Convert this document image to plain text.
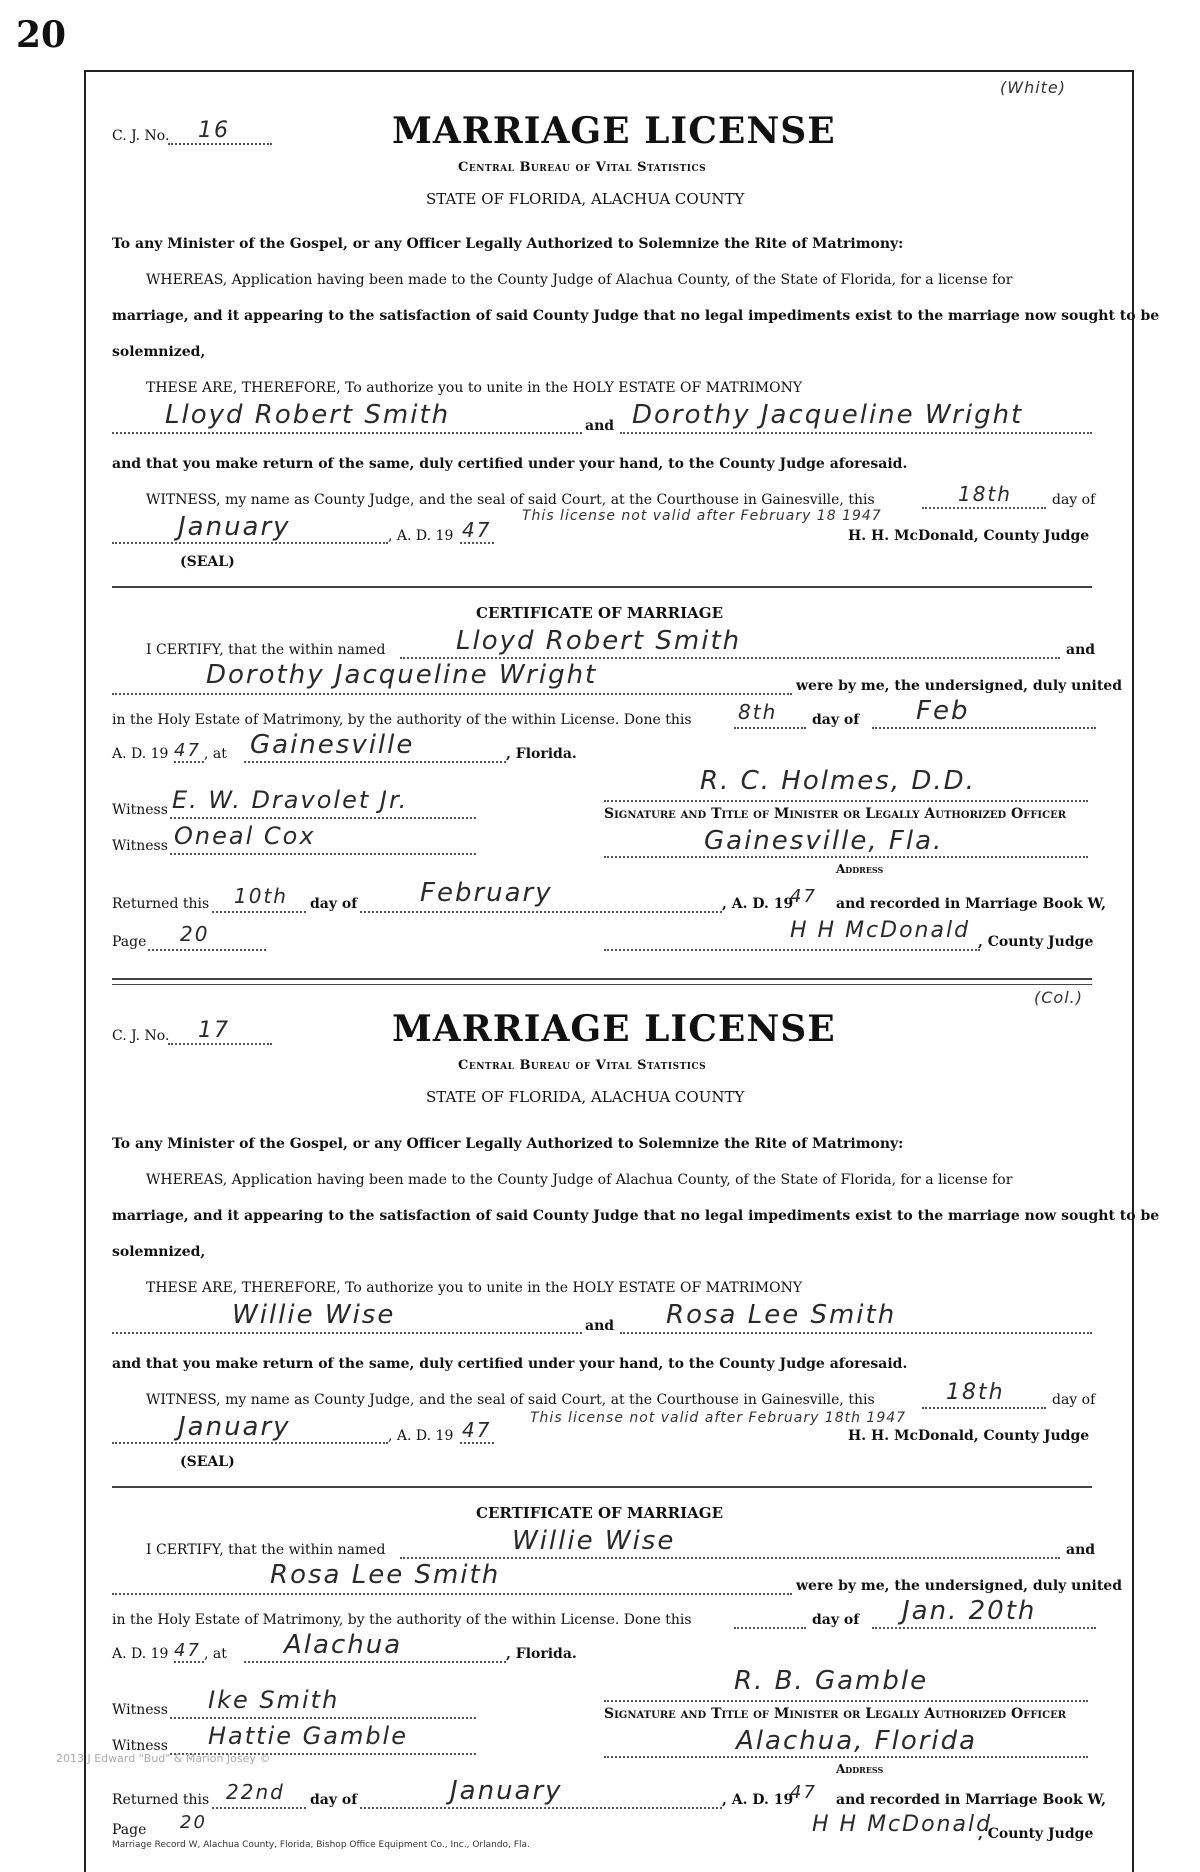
20
(White)
C. J. No. 16	MARRIAGE LICENSE
Central Bureau of Vital Statistics
STATE OF FLORIDA, ALACHUA COUNTY
To any Minister of the Gospel, or any Officer Legally Authorized to Solemnize the Rite of Matrimony:
WHEREAS, Application having been made to the County Judge of Alachua County, of the State of Florida, for a license for
marriage, and it appearing to the satisfaction of said County Judge that no legal impediments exist to the marriage now sought to be
solemnized,
THESE ARE, THEREFORE, To authorize you to unite in the HOLY ESTATE OF MATRIMONY
Lloyd Robert Smith	and Dorothy Jacqueline Wright
and that you make return of the same, duly certified under your hand, to the County Judge aforesaid.
WITNESS, my name as County Judge, and the seal of said Court, at the Courthouse in Gainesville, this	18th	day of
January	, A. D. 19 47
This license not valid after February 18 1947
H. H. McDonald, County Judge
(SEAL)
CERTIFICATE OF MARRIAGE
I CERTIFY, that the within named	Lloyd Robert Smith	and
Dorothy Jacqueline Wright	were by me, the undersigned, duly united
in the Holy Estate of Matrimony, by the authority of the within License. Done this 8th day of Feb
A. D. 19 47 , at Gainesville	, Florida.
R. C. Holmes, D.D.
Witness E. W. Dravolet Jr.	Signature and Title of Minister or Legally Authorized Officer
Witness Oneal Cox	Gainesville, Fla.
Address
Returned this 10th day of February	, A. D. 19
47 and recorded in Marriage Book W,
Page 20	H H McDonald , County Judge
(Col.)
C. J. No. 17	MARRIAGE LICENSE
Central Bureau of Vital Statistics
STATE OF FLORIDA, ALACHUA COUNTY
To any Minister of the Gospel, or any Officer Legally Authorized to Solemnize the Rite of Matrimony:
WHEREAS, Application having been made to the County Judge of Alachua County, of the State of Florida, for a license for
marriage, and it appearing to the satisfaction of said County Judge that no legal impediments exist to the marriage now sought to be
solemnized,
THESE ARE, THEREFORE, To authorize you to unite in the HOLY ESTATE OF MATRIMONY
Willie Wise	and Rosa Lee Smith
and that you make return of the same, duly certified under your hand, to the County Judge aforesaid.
WITNESS, my name as County Judge, and the seal of said Court, at the Courthouse in Gainesville, this	18th	day of
January	, A. D. 19 47	This license not valid after February 18th 1947
H. H. McDonald, County Judge
(SEAL)
CERTIFICATE OF MARRIAGE
I CERTIFY, that the within named	Willie Wise	and
Rosa Lee Smith	were by me, the undersigned, duly united
in the Holy Estate of Matrimony, by the authority of the within License. Done this	day of Jan. 20th
A. D. 19 47 , at Alachua	, Florida.
R. B. Gamble
Witness Ike Smith	Signature and Title of Minister or Legally Authorized Officer
Witness Hattie Gamble	Alachua, Florida
Address
Returned this 22nd day of	January	, A. D. 19
47 and recorded in Marriage Book W,
Page 20	H H McDonald
, County Judge
2013 J Edward "Bud" & Marion Josey ©
Marriage Record W, Alachua County, Florida, Bishop Office Equipment Co., Inc., Orlando, Fla.
